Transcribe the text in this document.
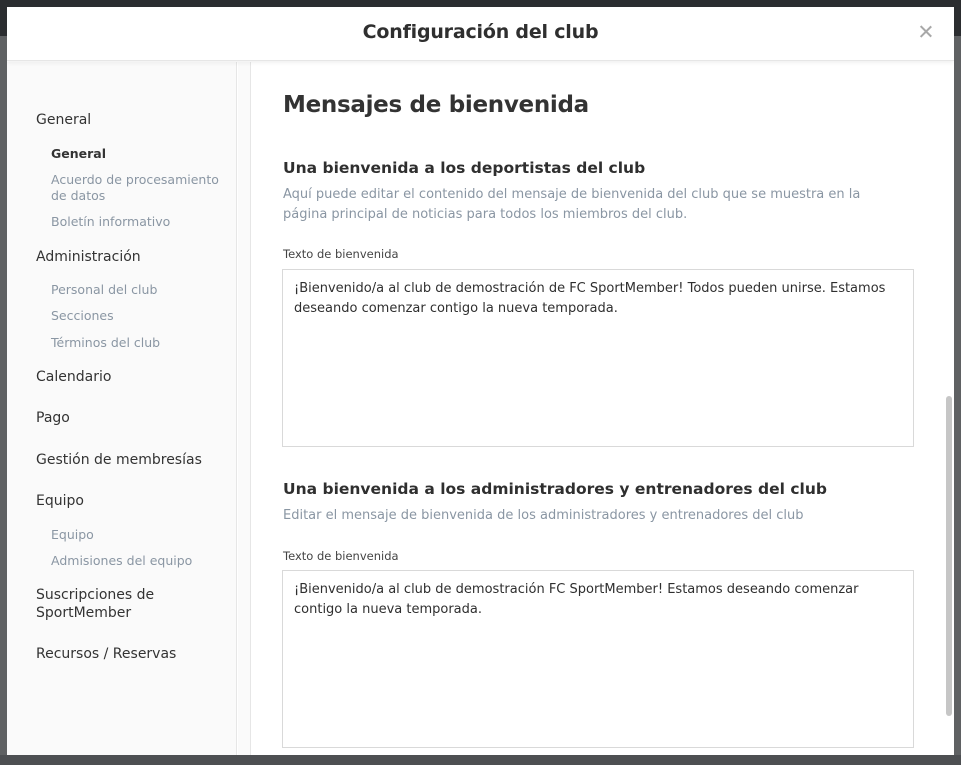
Configuración del club
General
General
Acuerdo de procesamiento de datos
Boletín informativo
Administración
Personal del club
Secciones
Términos del club
Calendario
Pago
Gestión de membresías
Equipo
Equipo
Admisiones del equipo
Suscripciones de SportMember
Recursos / Reservas
Mensajes de bienvenida
Una bienvenida a los deportistas del club
Aquí puede editar el contenido del mensaje de bienvenida del club que se muestra en la página principal de noticias para todos los miembros del club.
Texto de bienvenida
¡Bienvenido/a al club de demostración de FC SportMember! Todos pueden unirse. Estamos deseando comenzar contigo la nueva temporada.
Una bienvenida a los administradores y entrenadores del club
Editar el mensaje de bienvenida de los administradores y entrenadores del club
Texto de bienvenida
¡Bienvenido/a al club de demostración FC SportMember! Estamos deseando comenzar contigo la nueva temporada.
